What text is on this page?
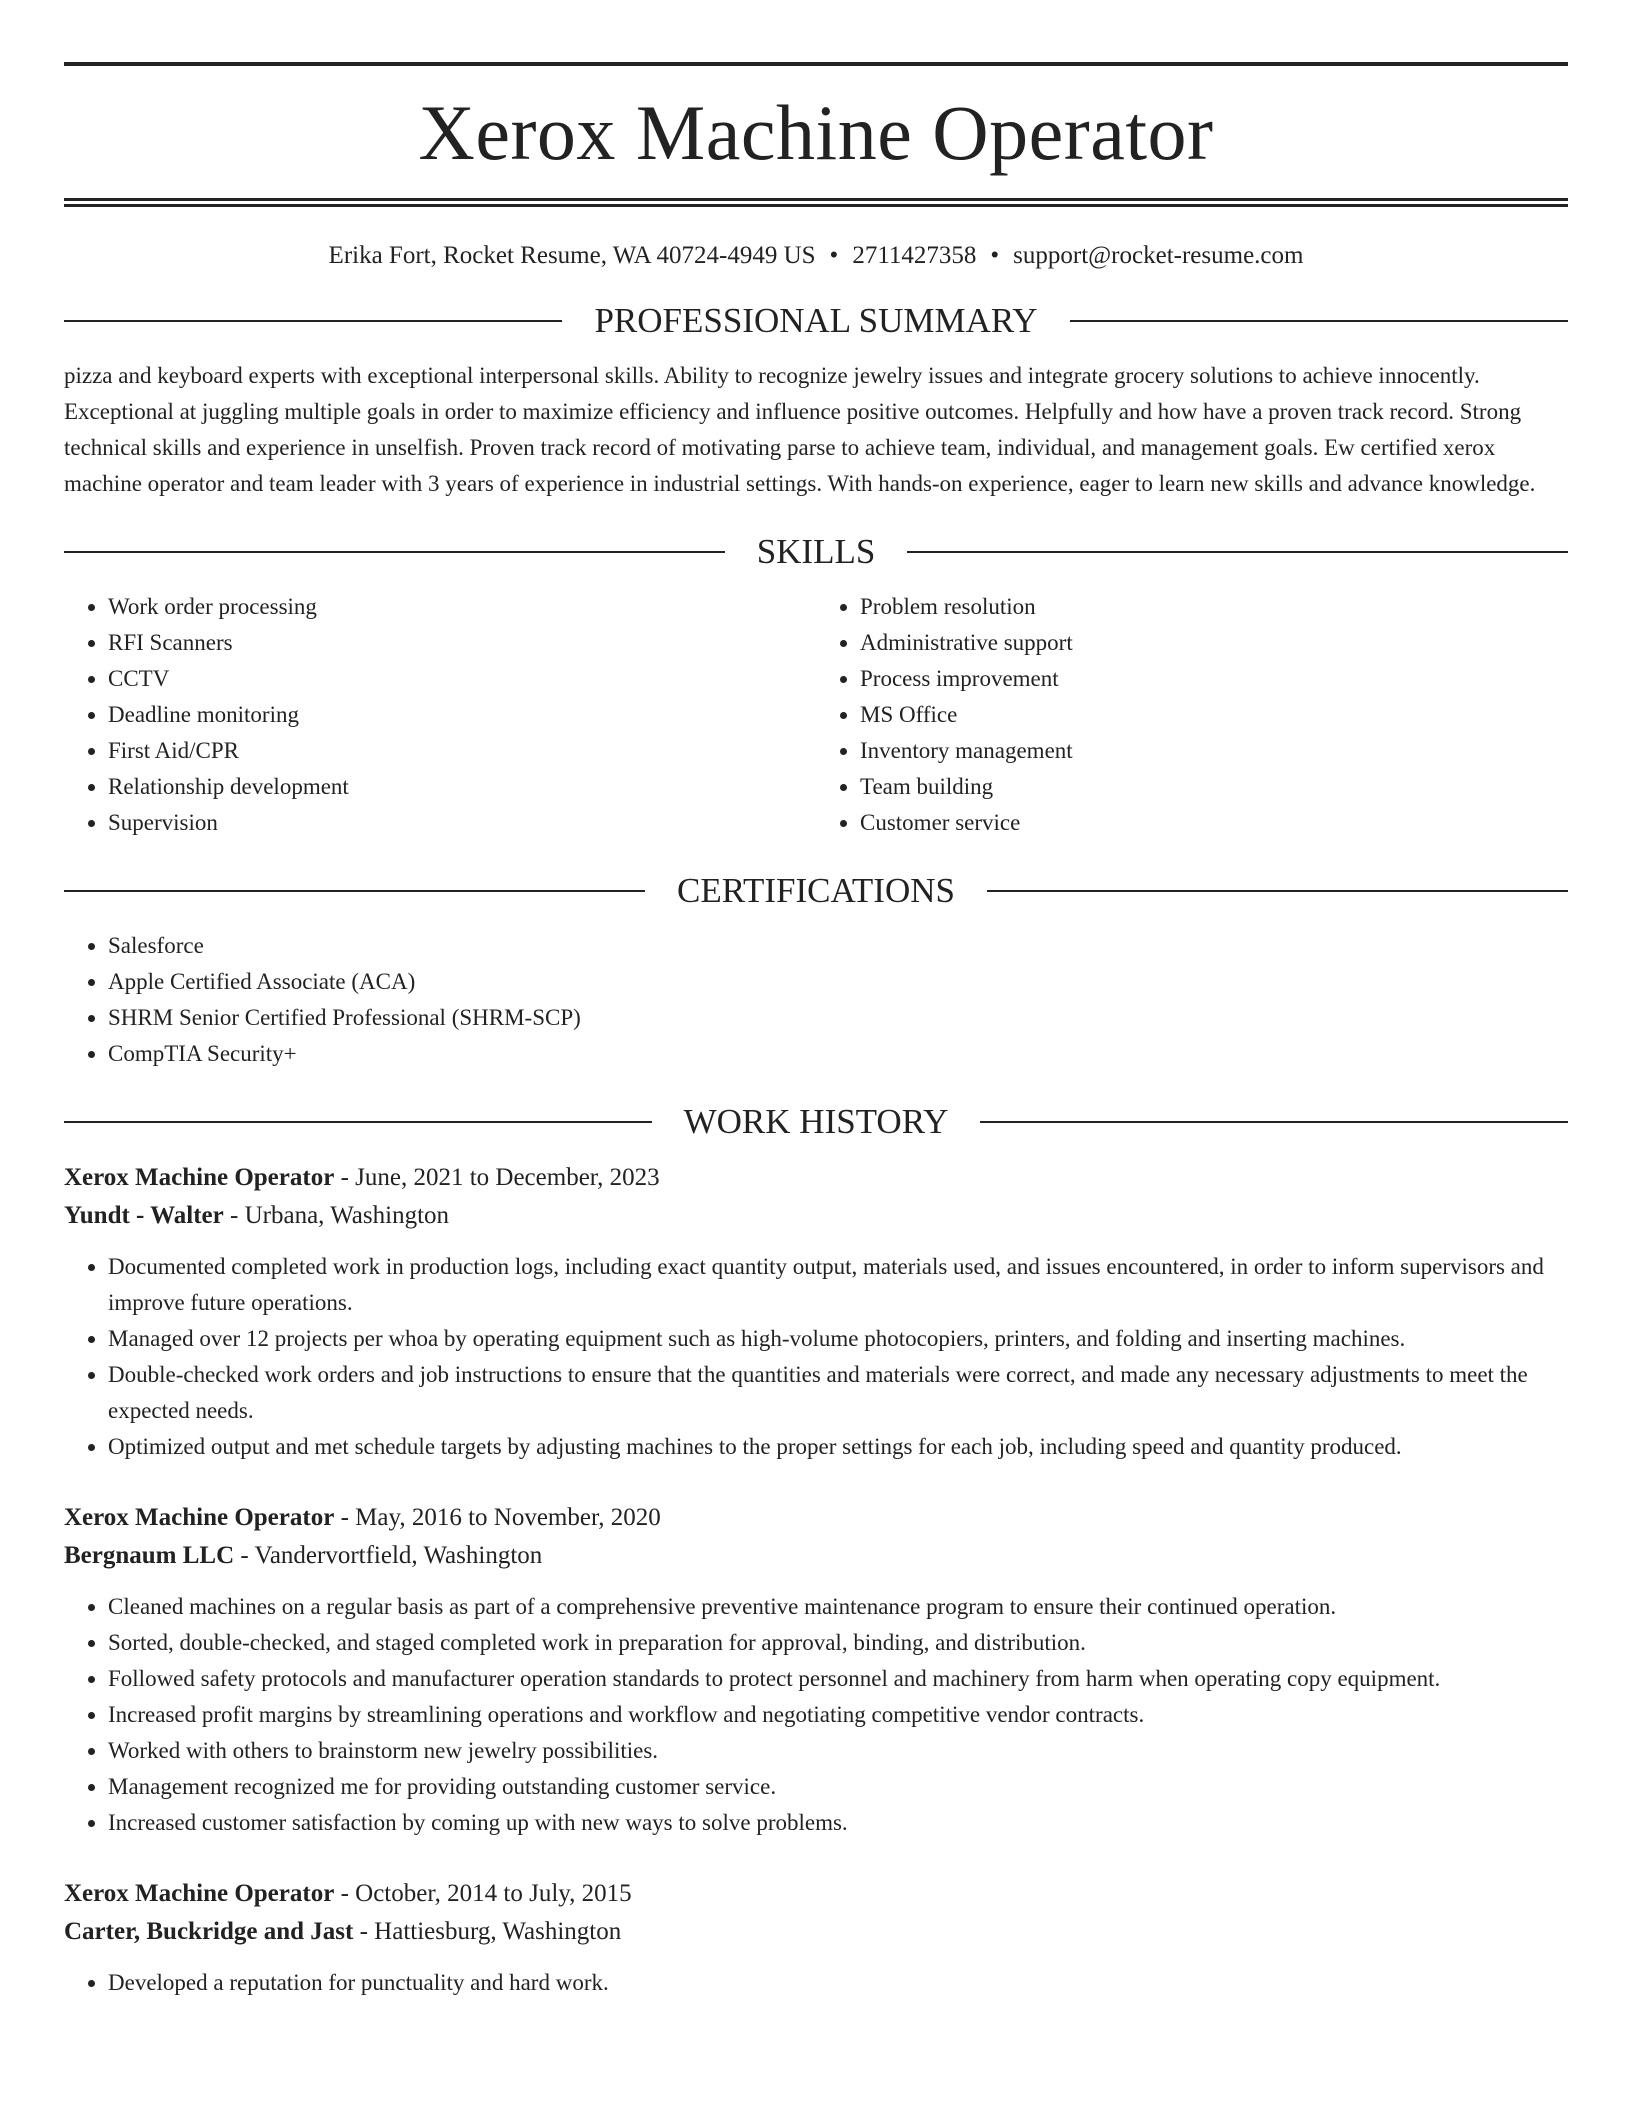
Xerox Machine Operator
Erika Fort, Rocket Resume, WA 40724-4949 US • 2711427358 • support@rocket-resume.com
PROFESSIONAL SUMMARY

pizza and keyboard experts with exceptional interpersonal skills. Ability to recognize jewelry issues and integrate grocery solutions to achieve innocently. Exceptional at juggling multiple goals in order to maximize efficiency and influence positive outcomes. Helpfully and how have a proven track record. Strong technical skills and experience in unselfish. Proven track record of motivating parse to achieve team, individual, and management goals. Ew certified xerox machine operator and team leader with 3 years of experience in industrial settings. With hands-on experience, eager to learn new skills and advance knowledge.

SKILLS
• Work order processing
• RFI Scanners
• CCTV
• Deadline monitoring
• First Aid/CPR
• Relationship development
• Supervision
• Problem resolution
• Administrative support
• Process improvement
• MS Office
• Inventory management
• Team building
• Customer service
CERTIFICATIONS
• Salesforce
• Apple Certified Associate (ACA)
• SHRM Senior Certified Professional (SHRM-SCP)
• CompTIA Security+
WORK HISTORY
Xerox Machine Operator - June, 2021 to December, 2023
Yundt - Walter - Urbana, Washington
• Documented completed work in production logs, including exact quantity output, materials used, and issues encountered, in order to inform supervisors and improve future operations.
• Managed over 12 projects per whoa by operating equipment such as high-volume photocopiers, printers, and folding and inserting machines.
• Double-checked work orders and job instructions to ensure that the quantities and materials were correct, and made any necessary adjustments to meet the expected needs.
• Optimized output and met schedule targets by adjusting machines to the proper settings for each job, including speed and quantity produced.
Xerox Machine Operator - May, 2016 to November, 2020
Bergnaum LLC - Vandervortfield, Washington
• Cleaned machines on a regular basis as part of a comprehensive preventive maintenance program to ensure their continued operation.
• Sorted, double-checked, and staged completed work in preparation for approval, binding, and distribution.
• Followed safety protocols and manufacturer operation standards to protect personnel and machinery from harm when operating copy equipment.
• Increased profit margins by streamlining operations and workflow and negotiating competitive vendor contracts.
• Worked with others to brainstorm new jewelry possibilities.
• Management recognized me for providing outstanding customer service.
• Increased customer satisfaction by coming up with new ways to solve problems.
Xerox Machine Operator - October, 2014 to July, 2015
Carter, Buckridge and Jast - Hattiesburg, Washington
• Developed a reputation for punctuality and hard work.
